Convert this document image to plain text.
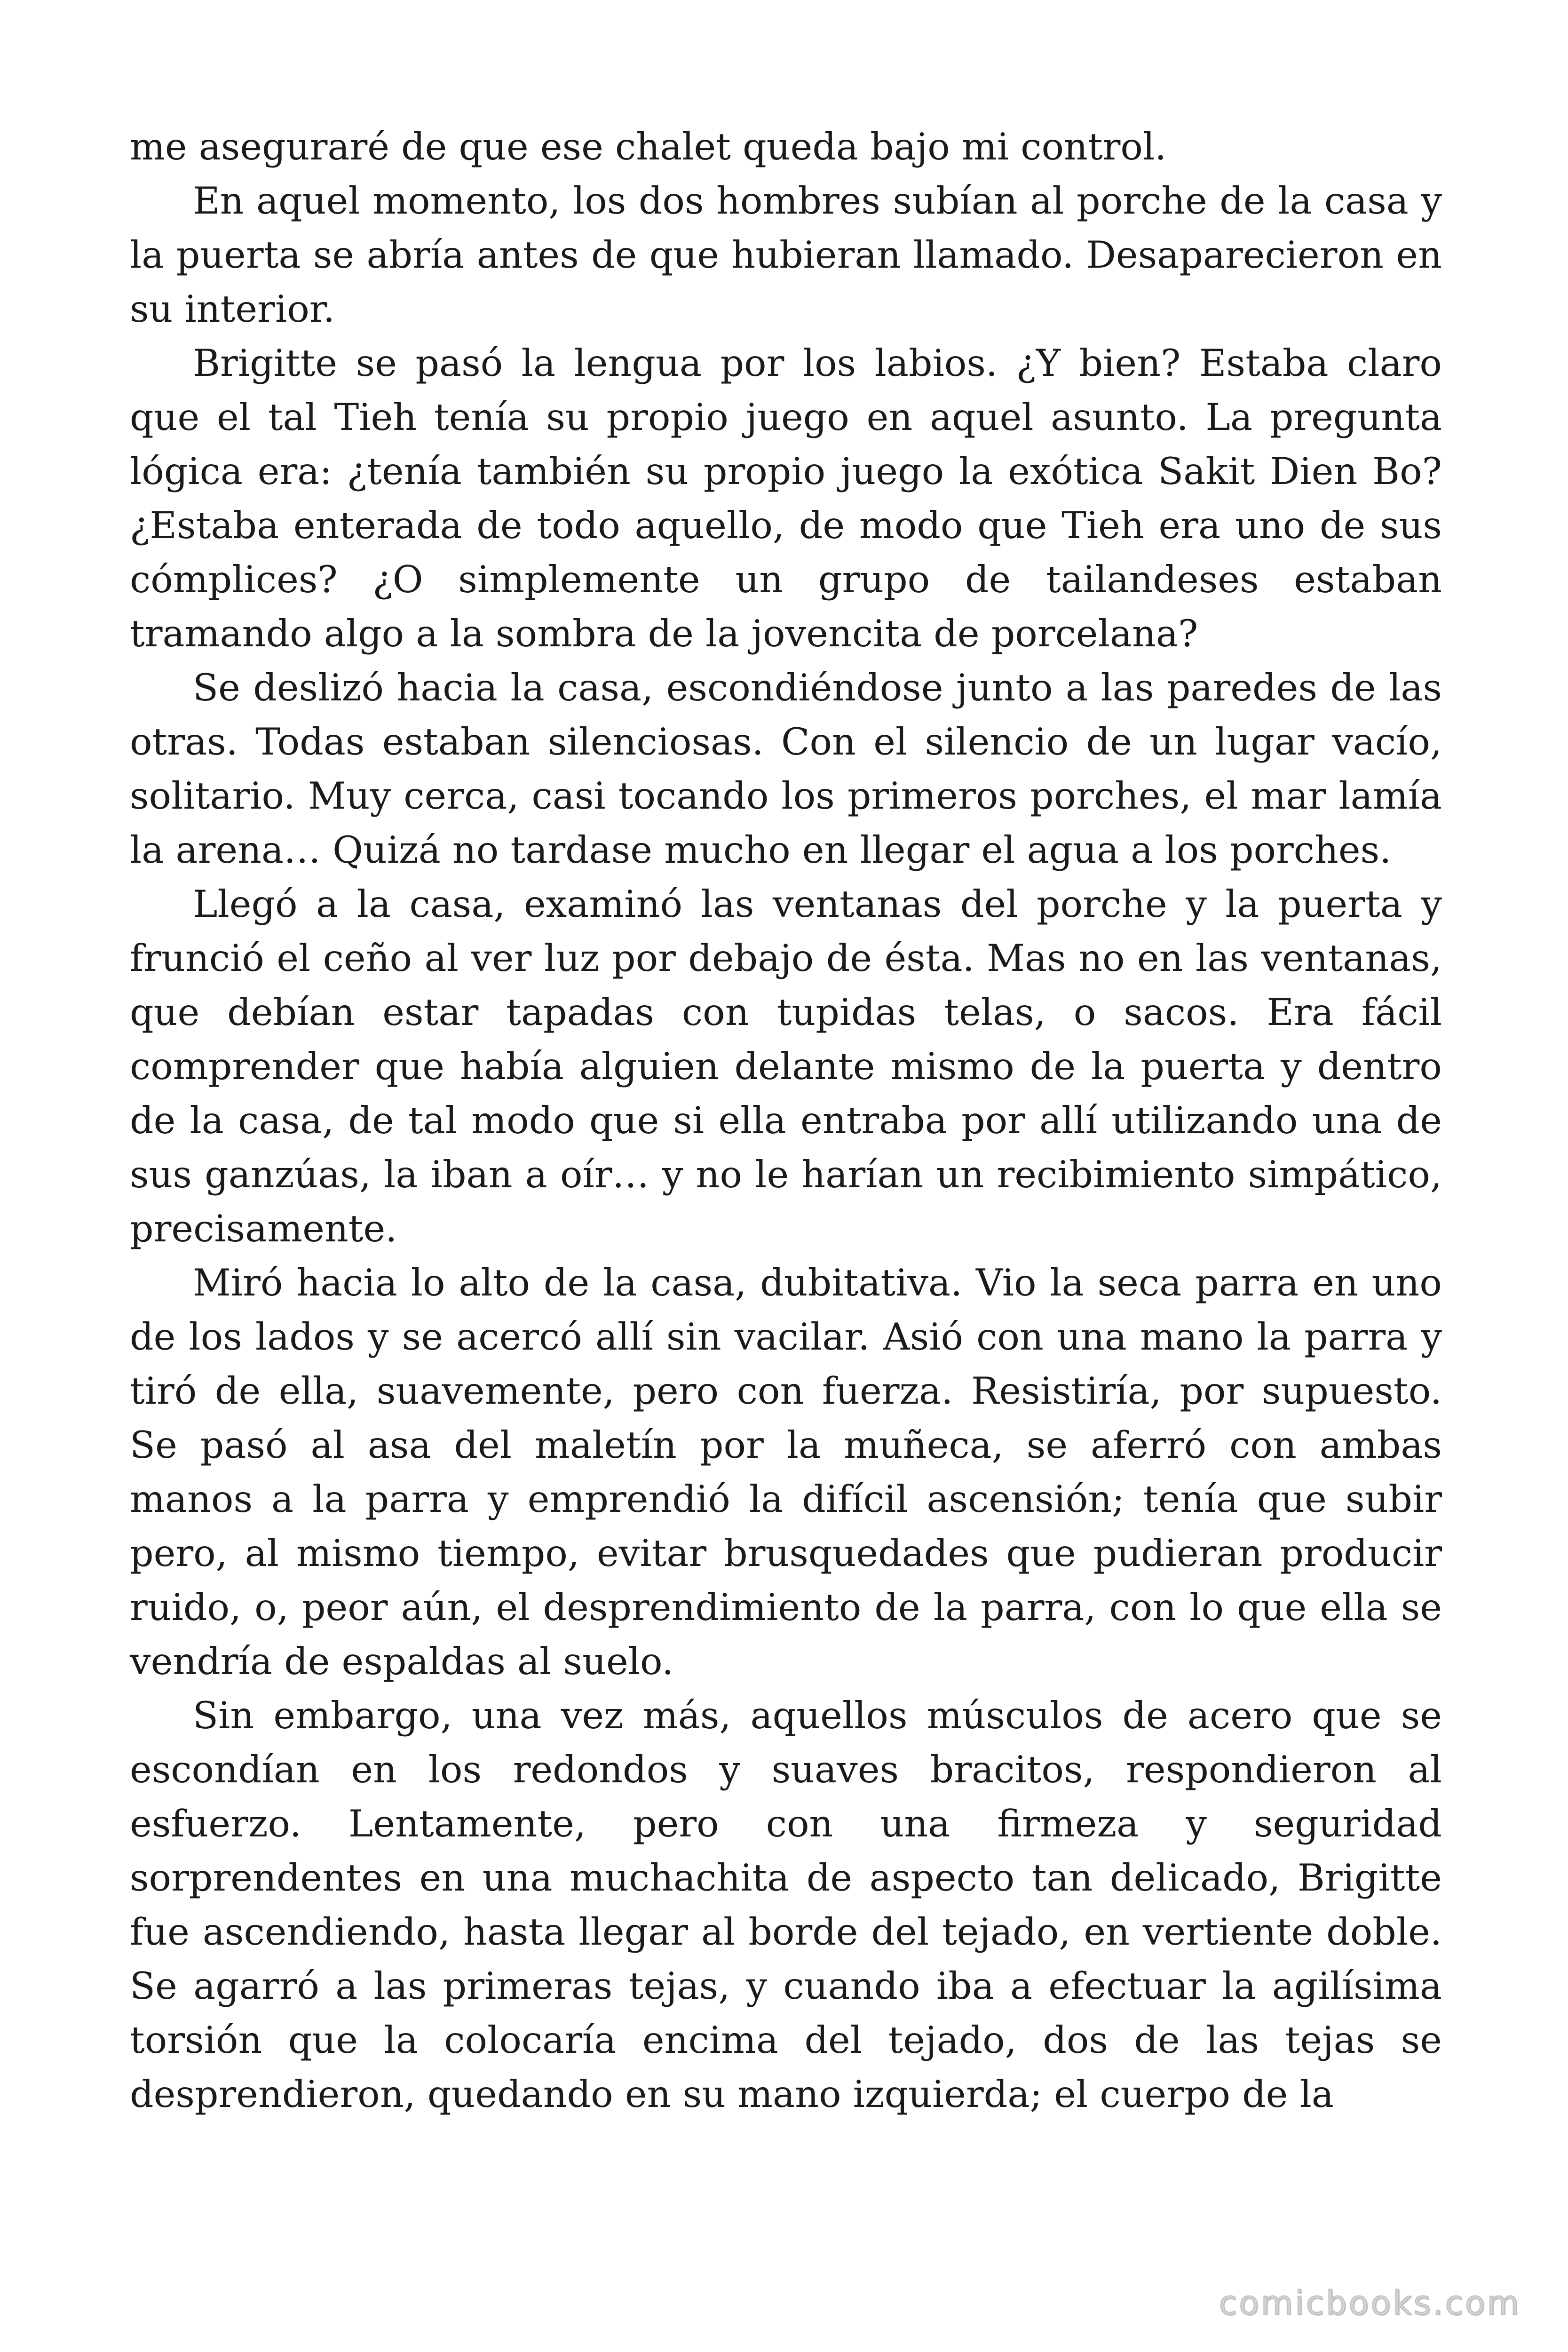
me aseguraré de que ese chalet queda bajo mi control.

En aquel momento, los dos hombres subían al porche de la casa y la puerta se abría antes de que hubieran llamado. Desaparecieron en su interior.

Brigitte se pasó la lengua por los labios. ¿Y bien? Estaba claro que el tal Tieh tenía su propio juego en aquel asunto. La pregunta lógica era: ¿tenía también su propio juego la exótica Sakit Dien Bo? ¿Estaba enterada de todo aquello, de modo que Tieh era uno de sus cómplices? ¿O simplemente un grupo de tailandeses estaban tramando algo a la sombra de la jovencita de porcelana?

Se deslizó hacia la casa, escondiéndose junto a las paredes de las otras. Todas estaban silenciosas. Con el silencio de un lugar vacío, solitario. Muy cerca, casi tocando los primeros porches, el mar lamía la arena… Quizá no tardase mucho en llegar el agua a los porches.

Llegó a la casa, examinó las ventanas del porche y la puerta y frunció el ceño al ver luz por debajo de ésta. Mas no en las ventanas, que debían estar tapadas con tupidas telas, o sacos. Era fácil comprender que había alguien delante mismo de la puerta y dentro de la casa, de tal modo que si ella entraba por allí utilizando una de sus ganzúas, la iban a oír… y no le harían un recibimiento simpático, precisamente.

Miró hacia lo alto de la casa, dubitativa. Vio la seca parra en uno de los lados y se acercó allí sin vacilar. Asió con una mano la parra y tiró de ella, suavemente, pero con fuerza. Resistiría, por supuesto. Se pasó al asa del maletín por la muñeca, se aferró con ambas manos a la parra y emprendió la difícil ascensión; tenía que subir pero, al mismo tiempo, evitar brusquedades que pudieran producir ruido, o, peor aún, el desprendimiento de la parra, con lo que ella se vendría de espaldas al suelo.

Sin embargo, una vez más, aquellos músculos de acero que se escondían en los redondos y suaves bracitos, respondieron al esfuerzo. Lentamente, pero con una firmeza y seguridad sorprendentes en una muchachita de aspecto tan delicado, Brigitte fue ascendiendo, hasta llegar al borde del tejado, en vertiente doble. Se agarró a las primeras tejas, y cuando iba a efectuar la agilísima torsión que la colocaría encima del tejado, dos de las tejas se desprendieron, quedando en su mano izquierda; el cuerpo de la

comicbooks.com
